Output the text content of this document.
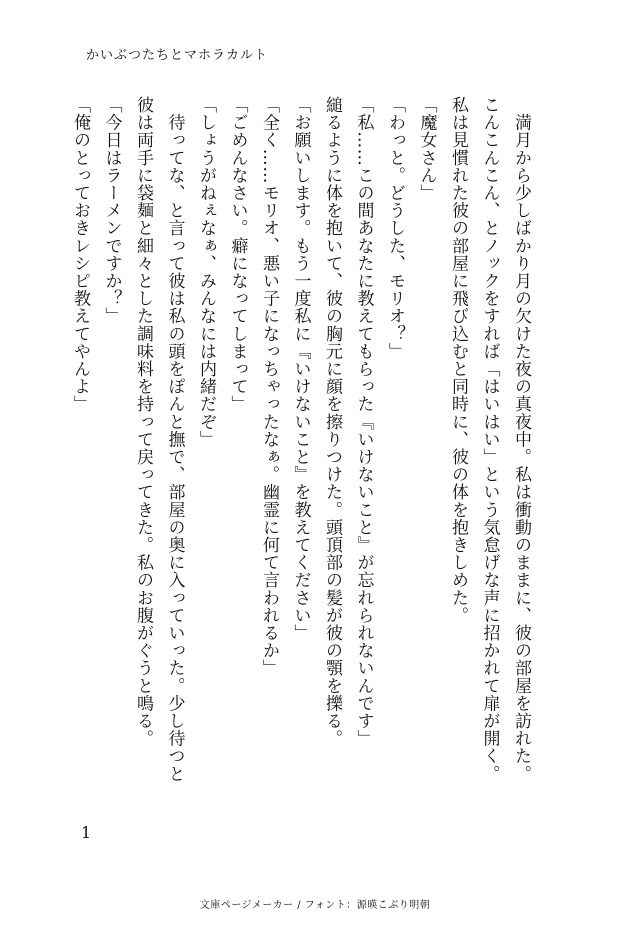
かいぶつたちとマホラカルト

　満月から少しばかり月の欠けた夜の真夜中。私は衝動のままに、彼の部屋を訪れた。

こんこんこん、とノックをすれば「はいはい」という気怠げな声に招かれて扉が開く。

私は見慣れた彼の部屋に飛び込むと同時に、彼の体を抱きしめた。

「魔女さん」

「わっと。どうした、モリオ？」

「私……この間あなたに教えてもらった『いけないこと』が忘れられないんです」

縋るように体を抱いて、彼の胸元に顔を擦りつけた。頭頂部の髪が彼の顎を擽る。

「お願いします。もう一度私に『いけないこと』を教えてください」

「全く……モリオ、悪い子になっちゃったなぁ。幽霊に何て言われるか」

「ごめんなさい。癖になってしまって」

「しょうがねぇなぁ、みんなには内緒だぞ」

　待ってな、と言って彼は私の頭をぽんと撫で、部屋の奥に入っていった。少し待つと

彼は両手に袋麺と細々とした調味料を持って戻ってきた。私のお腹がぐうと鳴る。

「今日はラーメンですか？」

「俺のとっておきレシピ教えてやんよ」

1
文庫ページメーカー / フォント：源暎こぶり明朝
